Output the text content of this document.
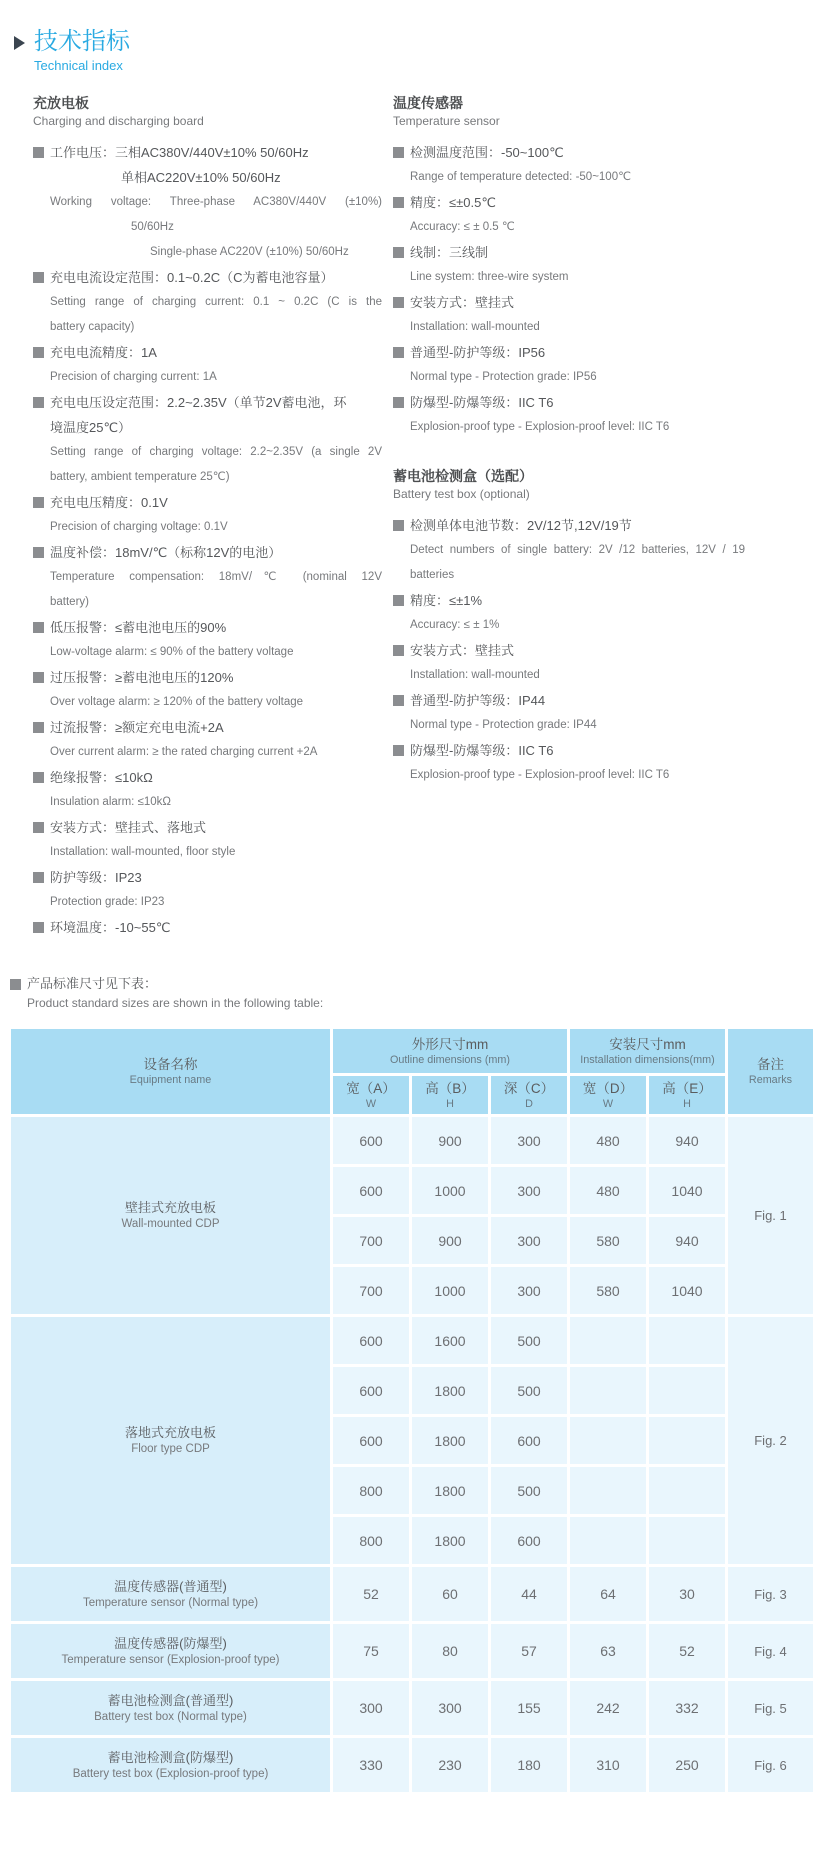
技术指标
Technical index
充放电板
Charging and discharging board
工作电压：三相AC380V/440V±10% 50/60Hz
单相AC220V±10% 50/60Hz
Working voltage: Three-phase AC380V/440V (±10%)
50/60Hz
Single-phase AC220V (±10%) 50/60Hz
充电电流设定范围：0.1~0.2C（C为蓄电池容量）
Setting range of charging current: 0.1 ~ 0.2C (C is the
battery capacity)
充电电流精度：1A
Precision of charging current: 1A
充电电压设定范围：2.2~2.35V（单节2V蓄电池，环
境温度25℃）
Setting range of charging voltage: 2.2~2.35V (a single 2V
battery, ambient temperature 25℃)
充电电压精度：0.1V
Precision of charging voltage: 0.1V
温度补偿：18mV/℃（标称12V的电池）
Temperature compensation: 18mV/℃ (nominal 12V
battery)
低压报警：≤蓄电池电压的90%
Low-voltage alarm: ≤ 90% of the battery voltage
过压报警：≥蓄电池电压的120%
Over voltage alarm: ≥ 120% of the battery voltage
过流报警：≥额定充电电流+2A
Over current alarm: ≥ the rated charging current +2A
绝缘报警：≤10kΩ
Insulation alarm: ≤10kΩ
安装方式：壁挂式、落地式
Installation: wall-mounted, floor style
防护等级：IP23
Protection grade: IP23
环境温度：-10~55℃
温度传感器
Temperature sensor
检测温度范围：-50~100℃
Range of temperature detected: -50~100℃
精度：≤±0.5℃
Accuracy: ≤ ± 0.5 ℃
线制：三线制
Line system: three-wire system
安装方式：壁挂式
Installation: wall-mounted
普通型-防护等级：IP56
Normal type - Protection grade: IP56
防爆型-防爆等级：IIC T6
Explosion-proof type - Explosion-proof level: IIC T6
蓄电池检测盒（选配）
Battery test box (optional)
检测单体电池节数：2V/12节,12V/19节
Detect numbers of single battery: 2V /12 batteries, 12V / 19
batteries
精度：≤±1%
Accuracy: ≤ ± 1%
安装方式：壁挂式
Installation: wall-mounted
普通型-防护等级：IP44
Normal type - Protection grade: IP44
防爆型-防爆等级：IIC T6
Explosion-proof type - Explosion-proof level: IIC T6
产品标准尺寸见下表：
Product standard sizes are shown in the following table:
设备名称
Equipment name

外形尺寸mm
Outline dimensions (mm)

安装尺寸mm
Installation dimensions(mm)	备注
Remarks

宽（A）
W

高（B）
H

深（C）
D

宽（D）
W

高（E）
H

壁挂式充放电板
Wall-mounted CDP	600	900	300	480	940	Fig. 1
	600	1000	300	480	1040	
	700	900	300	580	940	
	700	1000	300	580	1040	

落地式充放电板
Floor type CDP	600	1600	500			Fig. 2
	600	1800	500			
	600	1800	600			
	800	1800	500			
	800	1800	600			

温度传感器(普通型)
Temperature sensor (Normal type)	52	60	44	64	30	Fig. 3

温度传感器(防爆型)
Temperature sensor (Explosion-proof type)	75	80	57	63	52	Fig. 4

蓄电池检测盒(普通型)
Battery test box (Normal type)	300	300	155	242	332	Fig. 5

蓄电池检测盒(防爆型)
Battery test box (Explosion-proof type)	330	230	180	310	250	Fig. 6
